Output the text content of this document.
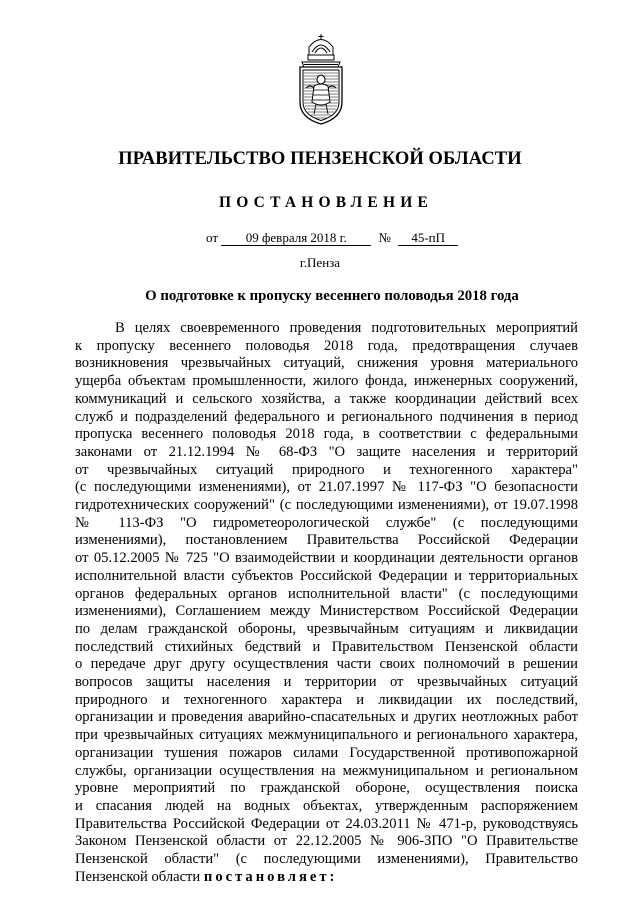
ПРАВИТЕЛЬСТВО ПЕНЗЕНСКОЙ ОБЛАСТИ
ПОСТАНОВЛЕНИЕ
от 09 февраля 2018 г. № 45-пП
г.Пенза
О подготовке к пропуску весеннего половодья 2018 года
В целях своевременного проведения подготовительных мероприятий
к пропуску весеннего половодья 2018 года, предотвращения случаев
возникновения чрезвычайных ситуаций, снижения уровня материального
ущерба объектам промышленности, жилого фонда, инженерных сооружений,
коммуникаций и сельского хозяйства, а также координации действий всех
служб и подразделений федерального и регионального подчинения в период
пропуска весеннего половодья 2018 года, в соответствии с федеральными
законами от 21.12.1994 № 68-ФЗ "О защите населения и территорий
от чрезвычайных ситуаций природного и техногенного характера"
(с последующими изменениями), от 21.07.1997 № 117-ФЗ "О безопасности
гидротехнических сооружений" (с последующими изменениями), от 19.07.1998
№ 113-ФЗ "О гидрометеорологической службе" (с последующими
изменениями), постановлением Правительства Российской Федерации
от 05.12.2005 № 725 "О взаимодействии и координации деятельности органов
исполнительной власти субъектов Российской Федерации и территориальных
органов федеральных органов исполнительной власти" (с последующими
изменениями), Соглашением между Министерством Российской Федерации
по делам гражданской обороны, чрезвычайным ситуациям и ликвидации
последствий стихийных бедствий и Правительством Пензенской области
о передаче друг другу осуществления части своих полномочий в решении
вопросов защиты населения и территории от чрезвычайных ситуаций
природного и техногенного характера и ликвидации их последствий,
организации и проведения аварийно-спасательных и других неотложных работ
при чрезвычайных ситуациях межмуниципального и регионального характера,
организации тушения пожаров силами Государственной противопожарной
службы, организации осуществления на межмуниципальном и региональном
уровне мероприятий по гражданской обороне, осуществления поиска
и спасания людей на водных объектах, утвержденным распоряжением
Правительства Российской Федерации от 24.03.2011 № 471-р, руководствуясь
Законом Пензенской области от 22.12.2005 № 906-ЗПО "О Правительстве
Пензенской области" (с последующими изменениями), Правительство
Пензенской области постановляет:
